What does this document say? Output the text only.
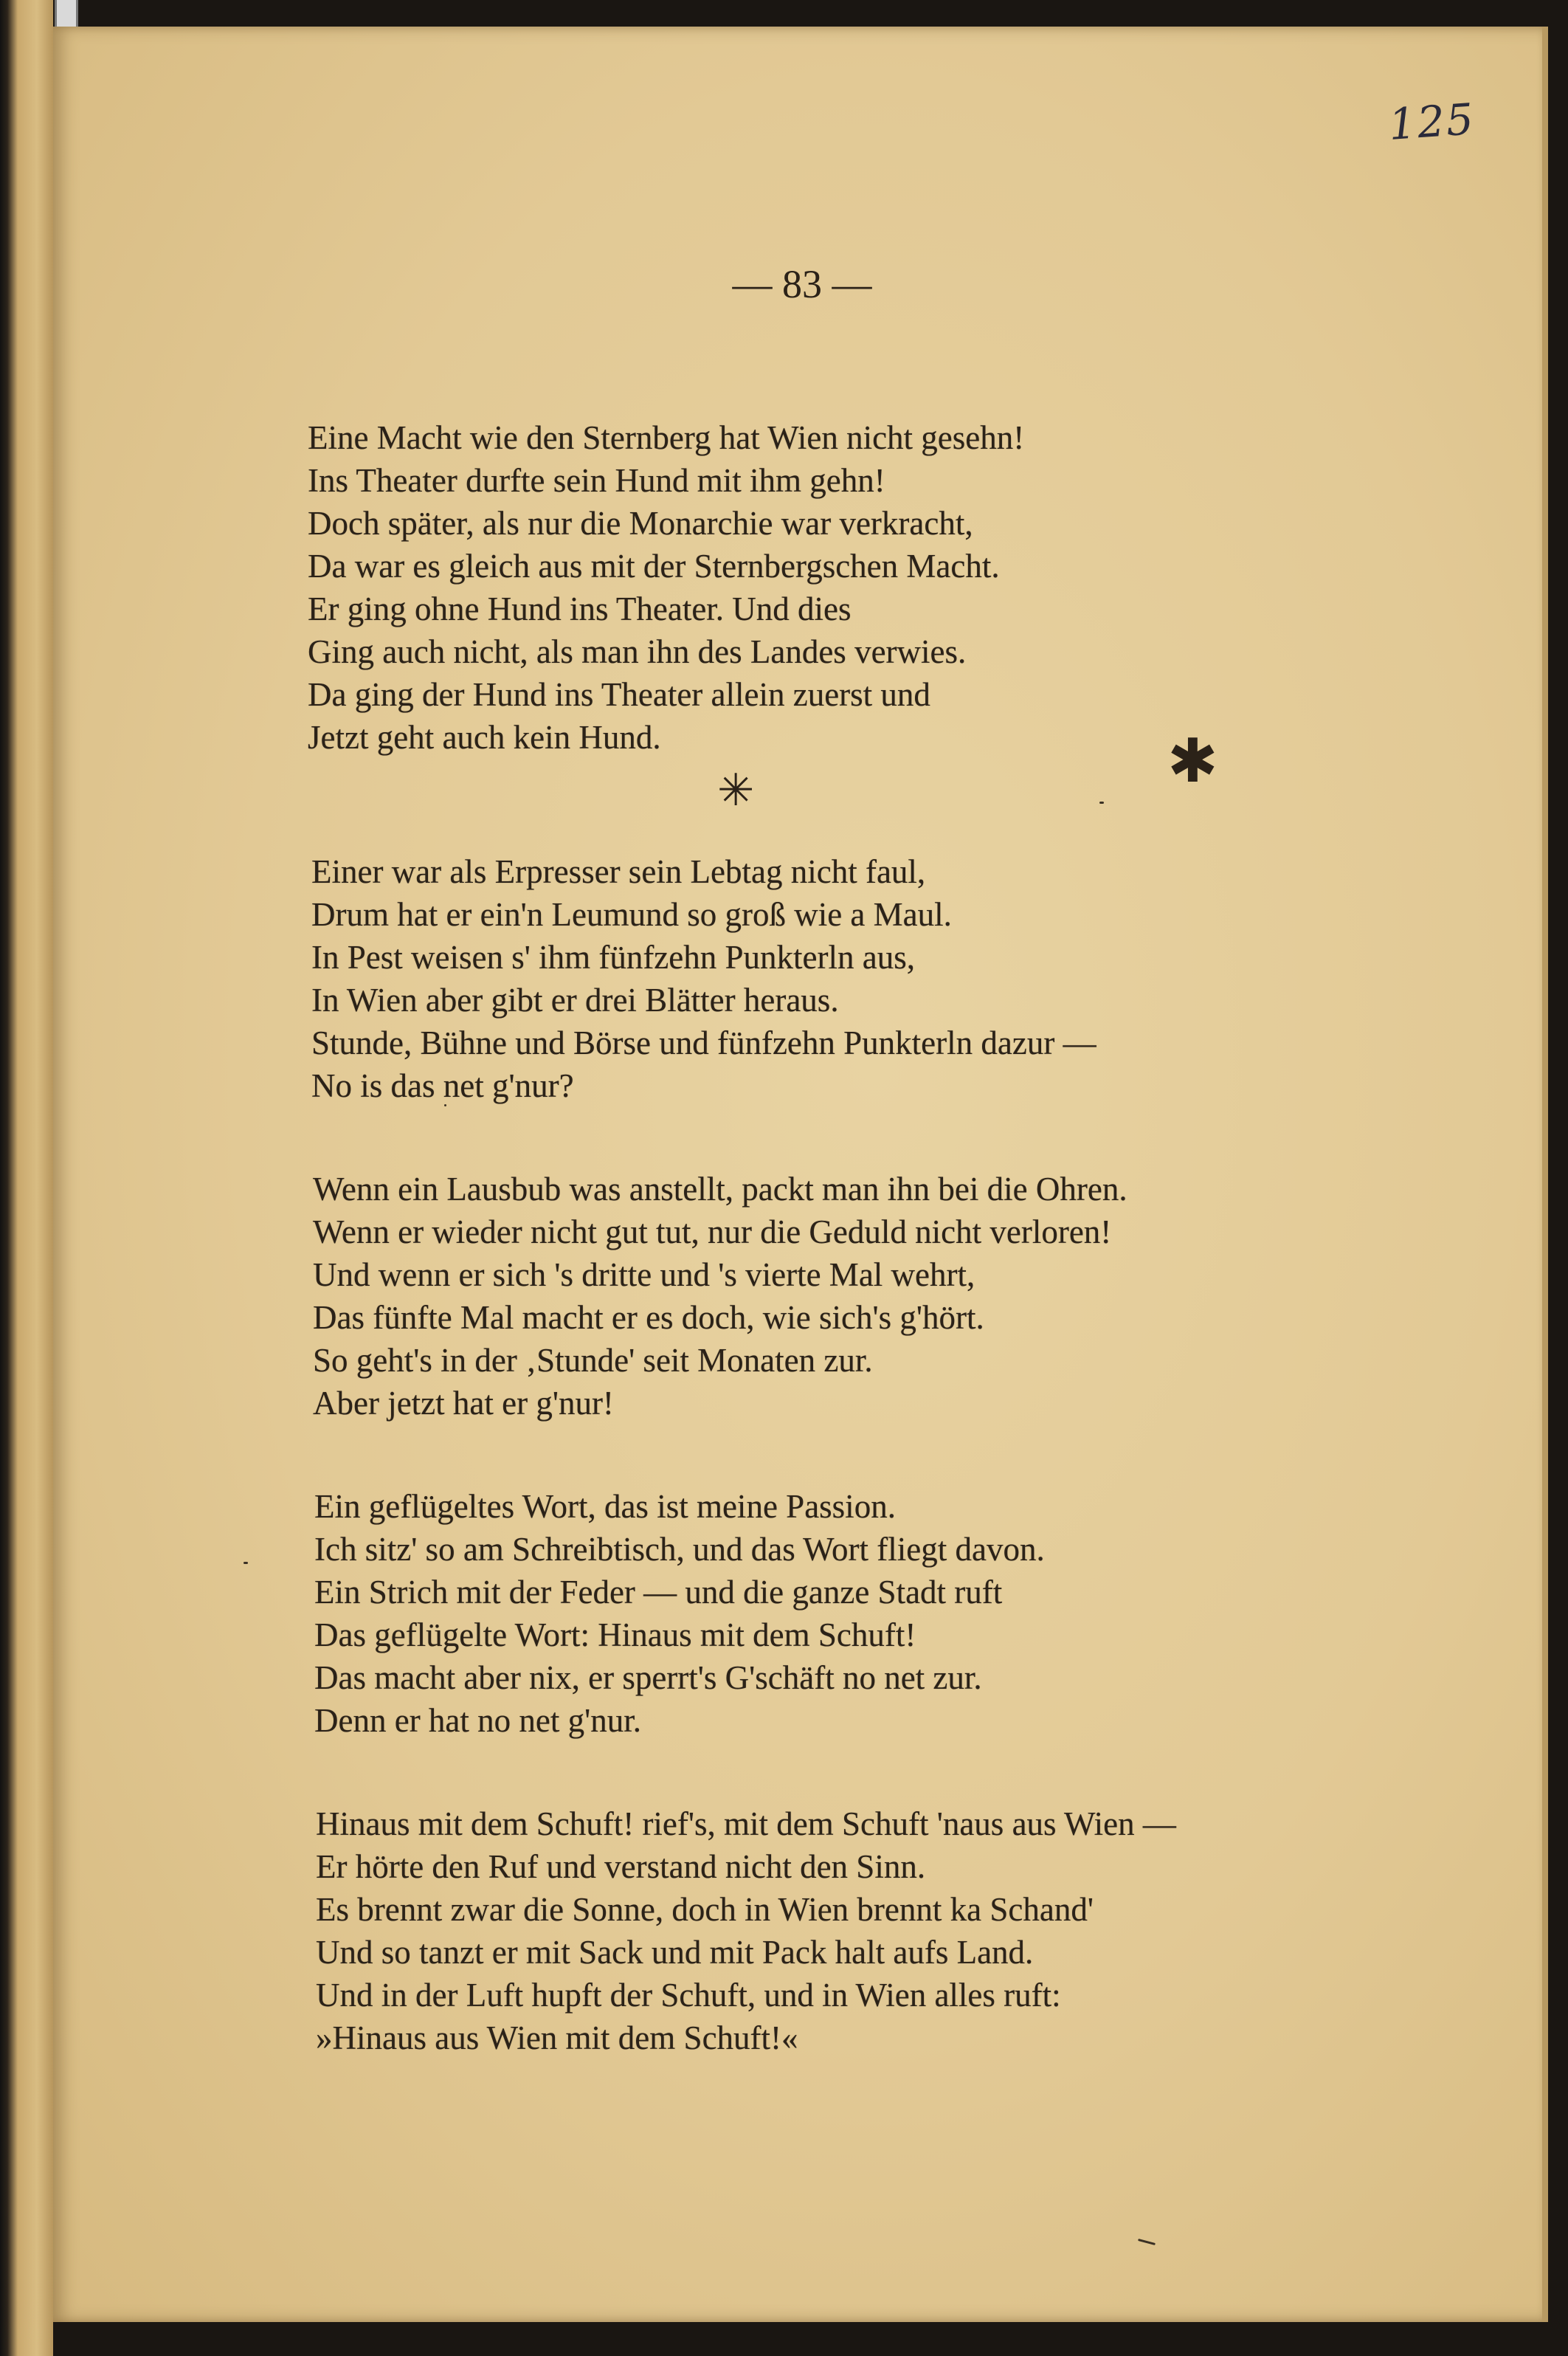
125
— 83 —
Eine Macht wie den Sternberg hat Wien nicht gesehn!
Ins Theater durfte sein Hund mit ihm gehn!
Doch später, als nur die Monarchie war verkracht,
Da war es gleich aus mit der Sternbergschen Macht.
Er ging ohne Hund ins Theater. Und dies
Ging auch nicht, als man ihn des Landes verwies.
Da ging der Hund ins Theater allein zuerst und
Jetzt geht auch kein Hund.
✳	✱
Einer war als Erpresser sein Lebtag nicht faul,
Drum hat er ein'n Leumund so groß wie a Maul.
In Pest weisen s' ihm fünfzehn Punkterln aus,
In Wien aber gibt er drei Blätter heraus.
Stunde, Bühne und Börse und fünfzehn Punkterln dazur —
No is das net g'nur?
Wenn ein Lausbub was anstellt, packt man ihn bei die Ohren.
Wenn er wieder nicht gut tut, nur die Geduld nicht verloren!
Und wenn er sich 's dritte und 's vierte Mal wehrt,
Das fünfte Mal macht er es doch, wie sich's g'hört.
So geht's in der ‚Stunde' seit Monaten zur.
Aber jetzt hat er g'nur!
Ein geflügeltes Wort, das ist meine Passion.
Ich sitz' so am Schreibtisch, und das Wort fliegt davon.
Ein Strich mit der Feder — und die ganze Stadt ruft
Das geflügelte Wort: Hinaus mit dem Schuft!
Das macht aber nix, er sperrt's G'schäft no net zur.
Denn er hat no net g'nur.
Hinaus mit dem Schuft! rief's, mit dem Schuft 'naus aus Wien —
Er hörte den Ruf und verstand nicht den Sinn.
Es brennt zwar die Sonne, doch in Wien brennt ka Schand'
Und so tanzt er mit Sack und mit Pack halt aufs Land.
Und in der Luft hupft der Schuft, und in Wien alles ruft:
»Hinaus aus Wien mit dem Schuft!«
